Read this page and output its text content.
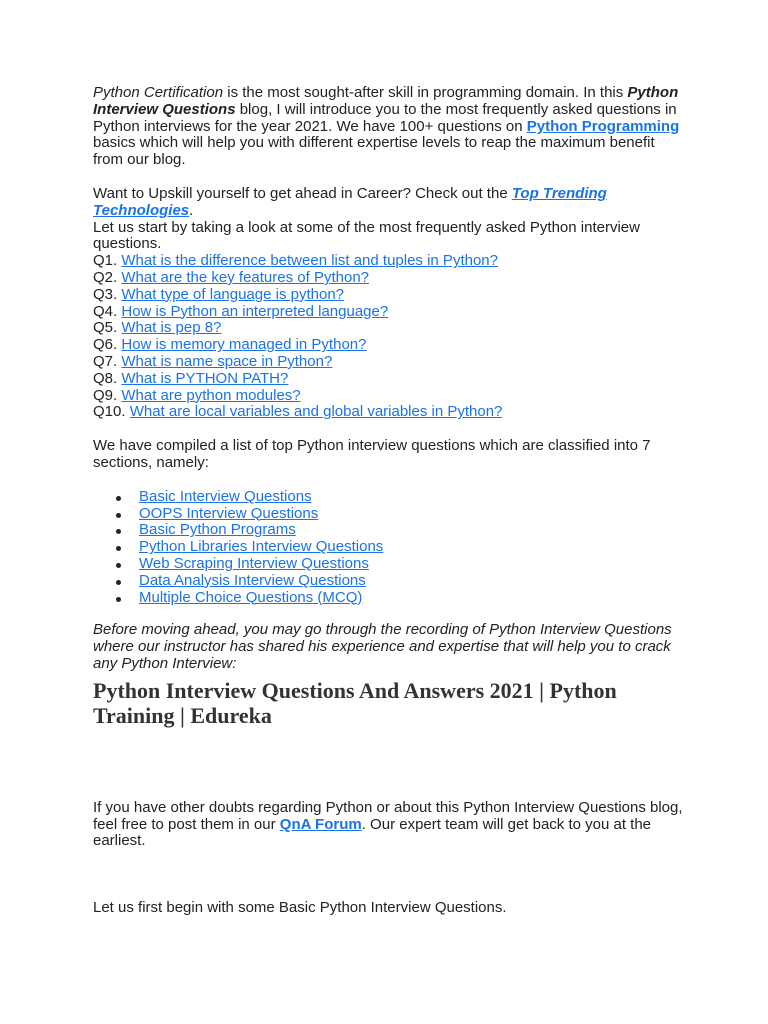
Python Certification is the most sought-after skill in programming domain. In this Python Interview Questions blog, I will introduce you to the most frequently asked questions in Python interviews for the year 2021. We have 100+ questions on Python Programming basics which will help you with different expertise levels to reap the maximum benefit from our blog.

Want to Upskill yourself to get ahead in Career? Check out the Top Trending Technologies.

Let us start by taking a look at some of the most frequently asked Python interview questions.

Q1. What is the difference between list and tuples in Python?
Q2. What are the key features of Python?
Q3. What type of language is python?
Q4. How is Python an interpreted language?
Q5. What is pep 8?
Q6. How is memory managed in Python?
Q7. What is name space in Python?
Q8. What is PYTHON PATH?
Q9. What are python modules?
Q10. What are local variables and global variables in Python?

We have compiled a list of top Python interview questions which are classified into 7 sections, namely:

Basic Interview Questions
OOPS Interview Questions
Basic Python Programs
Python Libraries Interview Questions
Web Scraping Interview Questions
Data Analysis Interview Questions
Multiple Choice Questions (MCQ)

Before moving ahead, you may go through the recording of Python Interview Questions where our instructor has shared his experience and expertise that will help you to crack any Python Interview:

Python Interview Questions And Answers 2021 | Python Training | Edureka

If you have other doubts regarding Python or about this Python Interview Questions blog, feel free to post them in our QnA Forum. Our expert team will get back to you at the earliest.

Let us first begin with some Basic Python Interview Questions.
